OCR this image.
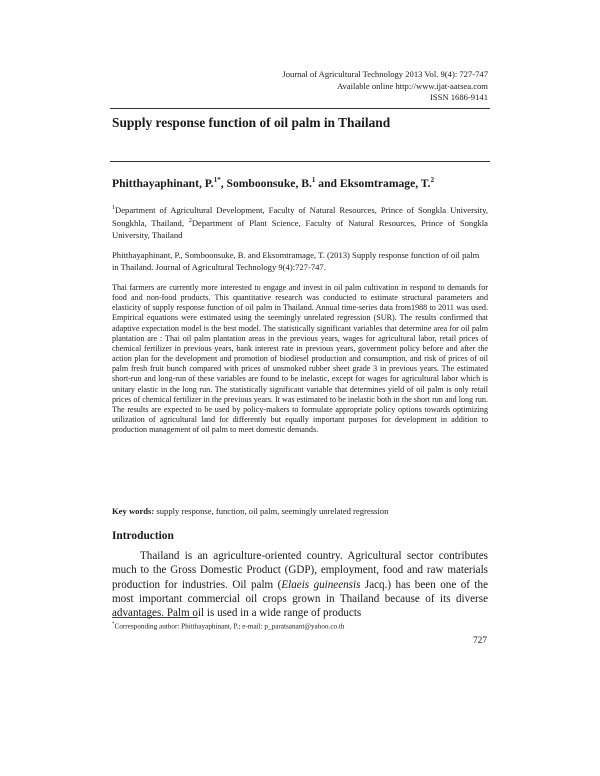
Journal of Agricultural Technology 2013 Vol. 9(4): 727-747
Available online http://www.ijat-aatsea.com
ISSN 1686-9141
Supply response function of oil palm in Thailand
Phitthayaphinant, P.$^{1*}$, Somboonsuke, B.$^1$ and Eksomtramage, T.$^2$
$^1$Department of Agricultural Development, Faculty of Natural Resources, Prince of Songkla University, Songkhla, Thailand, $^2$Department of Plant Science, Faculty of Natural Resources, Prince of Songkla University, Thailand
Phitthayaphinant, P., Somboonsuke, B. and Eksomtramage, T. (2013) Supply response function of oil palm in Thailand. Journal of Agricultural Technology 9(4):727-747.
Thai farmers are currently more interested to engage and invest in oil palm cultivation in respond to demands for food and non-food products. This quantitative research was conducted to estimate structural parameters and elasticity of supply response function of oil palm in Thailand. Annual time-series data from1988 to 2011 was used. Empirical equations were estimated using the seemingly unrelated regression (SUR). The results confirmed that adaptive expectation model is the best model. The statistically significant variables that determine area for oil palm plantation are : Thai oil palm plantation areas in the previous years, wages for agricultural labor, retail prices of chemical fertilizer in previous years, bank interest rate in previous years, government policy before and after the action plan for the development and promotion of biodiesel production and consumption, and risk of prices of oil palm fresh fruit bunch compared with prices of unsmoked rubber sheet grade 3 in previous years. The estimated short-run and long-run of these variables are found to be inelastic, except for wages for agricultural labor which is unitary elastic in the long run. The statistically significant variable that determines yield of oil palm is only retail prices of chemical fertilizer in the previous years. It was estimated to be inelastic both in the short run and long run. The results are expected to be used by policy-makers to formulate appropriate policy options towards optimizing utilization of agricultural land for differently but equally important purposes for development in addition to production management of oil palm to meet domestic demands.
Key words: supply response, function, oil palm, seemingly unrelated regression
Introduction

Thailand is an agriculture-oriented country. Agricultural sector contributes much to the Gross Domestic Product (GDP), employment, food and raw materials production for industries. Oil palm (Elaeis guineensis Jacq.) has been one of the most important commercial oil crops grown in Thailand because of its diverse advantages. Palm oil is used in a wide range of products

*Corresponding author: Phitthayaphinant, P.; e-mail: p_paratsanant@yahoo.co.th
727
